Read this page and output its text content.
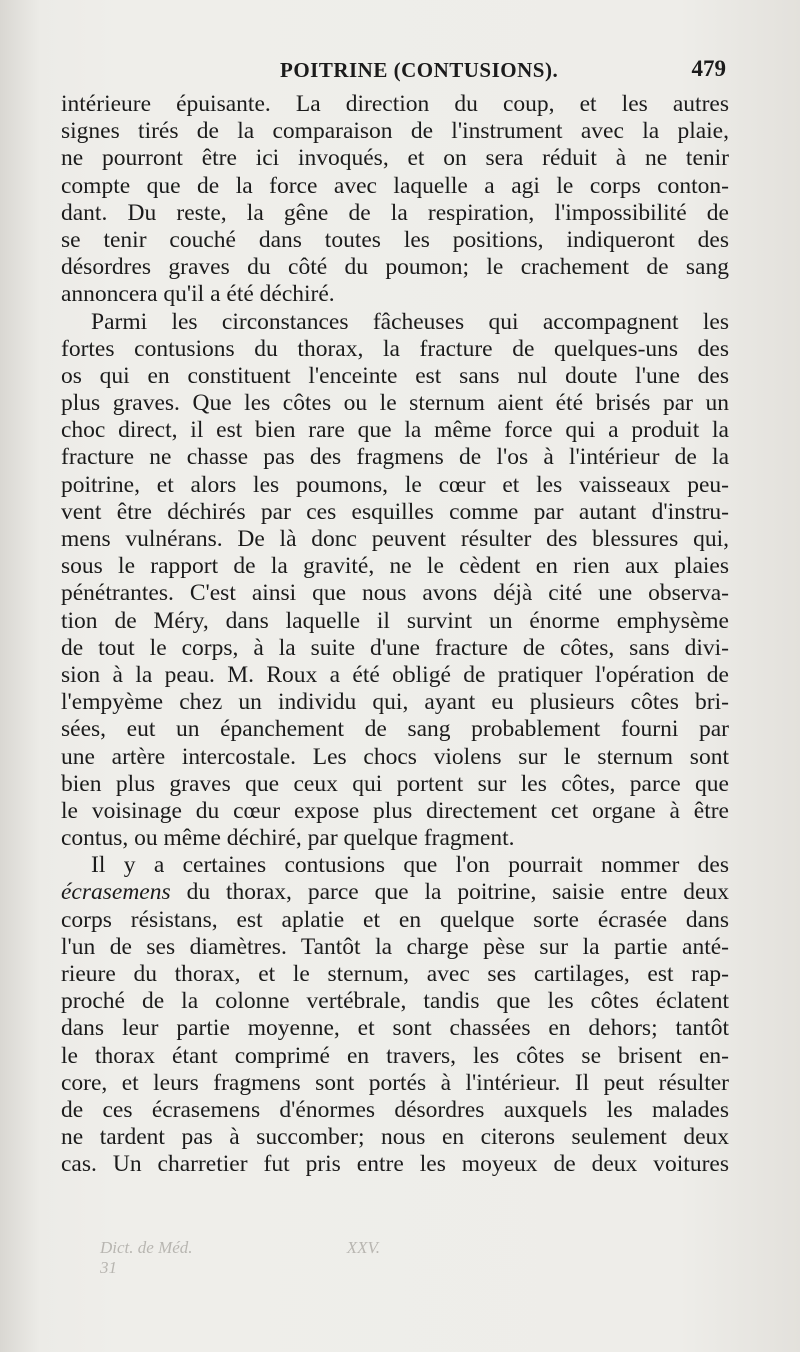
POITRINE (CONTUSIONS).	479
intérieure épuisante. La direction du coup, et les autres
signes tirés de la comparaison de l'instrument avec la plaie,
ne pourront être ici invoqués, et on sera réduit à ne tenir
compte que de la force avec laquelle a agi le corps conton-
dant. Du reste, la gêne de la respiration, l'impossibilité de
se tenir couché dans toutes les positions, indiqueront des
désordres graves du côté du poumon; le crachement de sang
annoncera qu'il a été déchiré.
Parmi les circonstances fâcheuses qui accompagnent les
fortes contusions du thorax, la fracture de quelques-uns des
os qui en constituent l'enceinte est sans nul doute l'une des
plus graves. Que les côtes ou le sternum aient été brisés par un
choc direct, il est bien rare que la même force qui a produit la
fracture ne chasse pas des fragmens de l'os à l'intérieur de la
poitrine, et alors les poumons, le cœur et les vaisseaux peu-
vent être déchirés par ces esquilles comme par autant d'instru-
mens vulnérans. De là donc peuvent résulter des blessures qui,
sous le rapport de la gravité, ne le cèdent en rien aux plaies
pénétrantes. C'est ainsi que nous avons déjà cité une observa-
tion de Méry, dans laquelle il survint un énorme emphysème
de tout le corps, à la suite d'une fracture de côtes, sans divi-
sion à la peau. M. Roux a été obligé de pratiquer l'opération de
l'empyème chez un individu qui, ayant eu plusieurs côtes bri-
sées, eut un épanchement de sang probablement fourni par
une artère intercostale. Les chocs violens sur le sternum sont
bien plus graves que ceux qui portent sur les côtes, parce que
le voisinage du cœur expose plus directement cet organe à être
contus, ou même déchiré, par quelque fragment.
Il y a certaines contusions que l'on pourrait nommer des
écrasemens du thorax, parce que la poitrine, saisie entre deux
corps résistans, est aplatie et en quelque sorte écrasée dans
l'un de ses diamètres. Tantôt la charge pèse sur la partie anté-
rieure du thorax, et le sternum, avec ses cartilages, est rap-
proché de la colonne vertébrale, tandis que les côtes éclatent
dans leur partie moyenne, et sont chassées en dehors; tantôt
le thorax étant comprimé en travers, les côtes se brisent en-
core, et leurs fragmens sont portés à l'intérieur. Il peut résulter
de ces écrasemens d'énormes désordres auxquels les malades
ne tardent pas à succomber; nous en citerons seulement deux
cas. Un charretier fut pris entre les moyeux de deux voitures
Dict. de Méd.	XXV. 31
